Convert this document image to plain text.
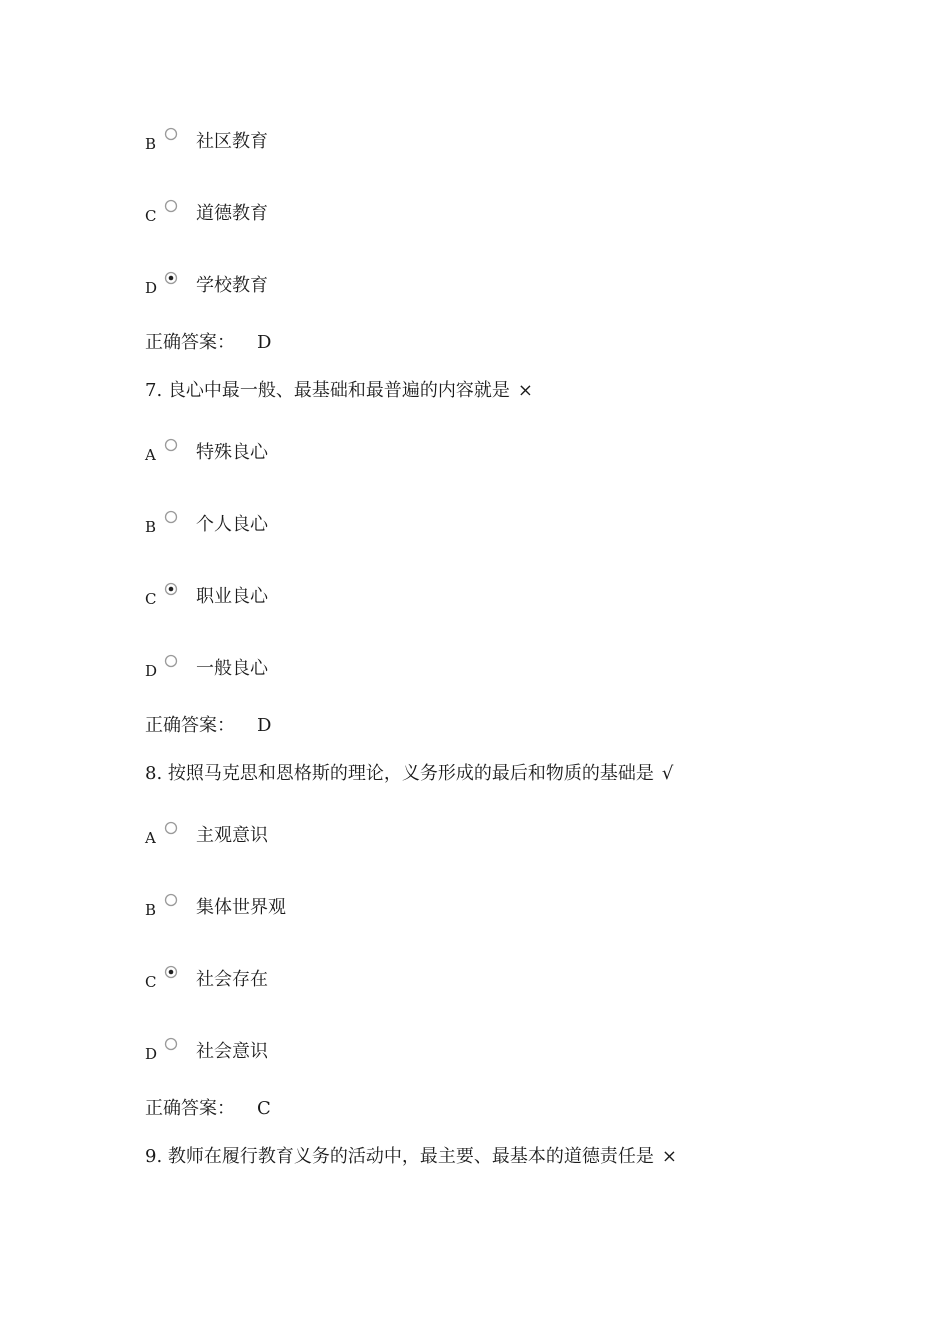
B 社区教育
C 道德教育
D 学校教育
正确答案： D
7. 良心中最一般、最基础和最普遍的内容就是 ×
A 特殊良心
B 个人良心
C 职业良心
D 一般良心
正确答案： D
8. 按照马克思和恩格斯的理论，义务形成的最后和物质的基础是 √
A 主观意识
B 集体世界观
C 社会存在
D 社会意识
正确答案： C
9. 教师在履行教育义务的活动中，最主要、最基本的道德责任是 ×
